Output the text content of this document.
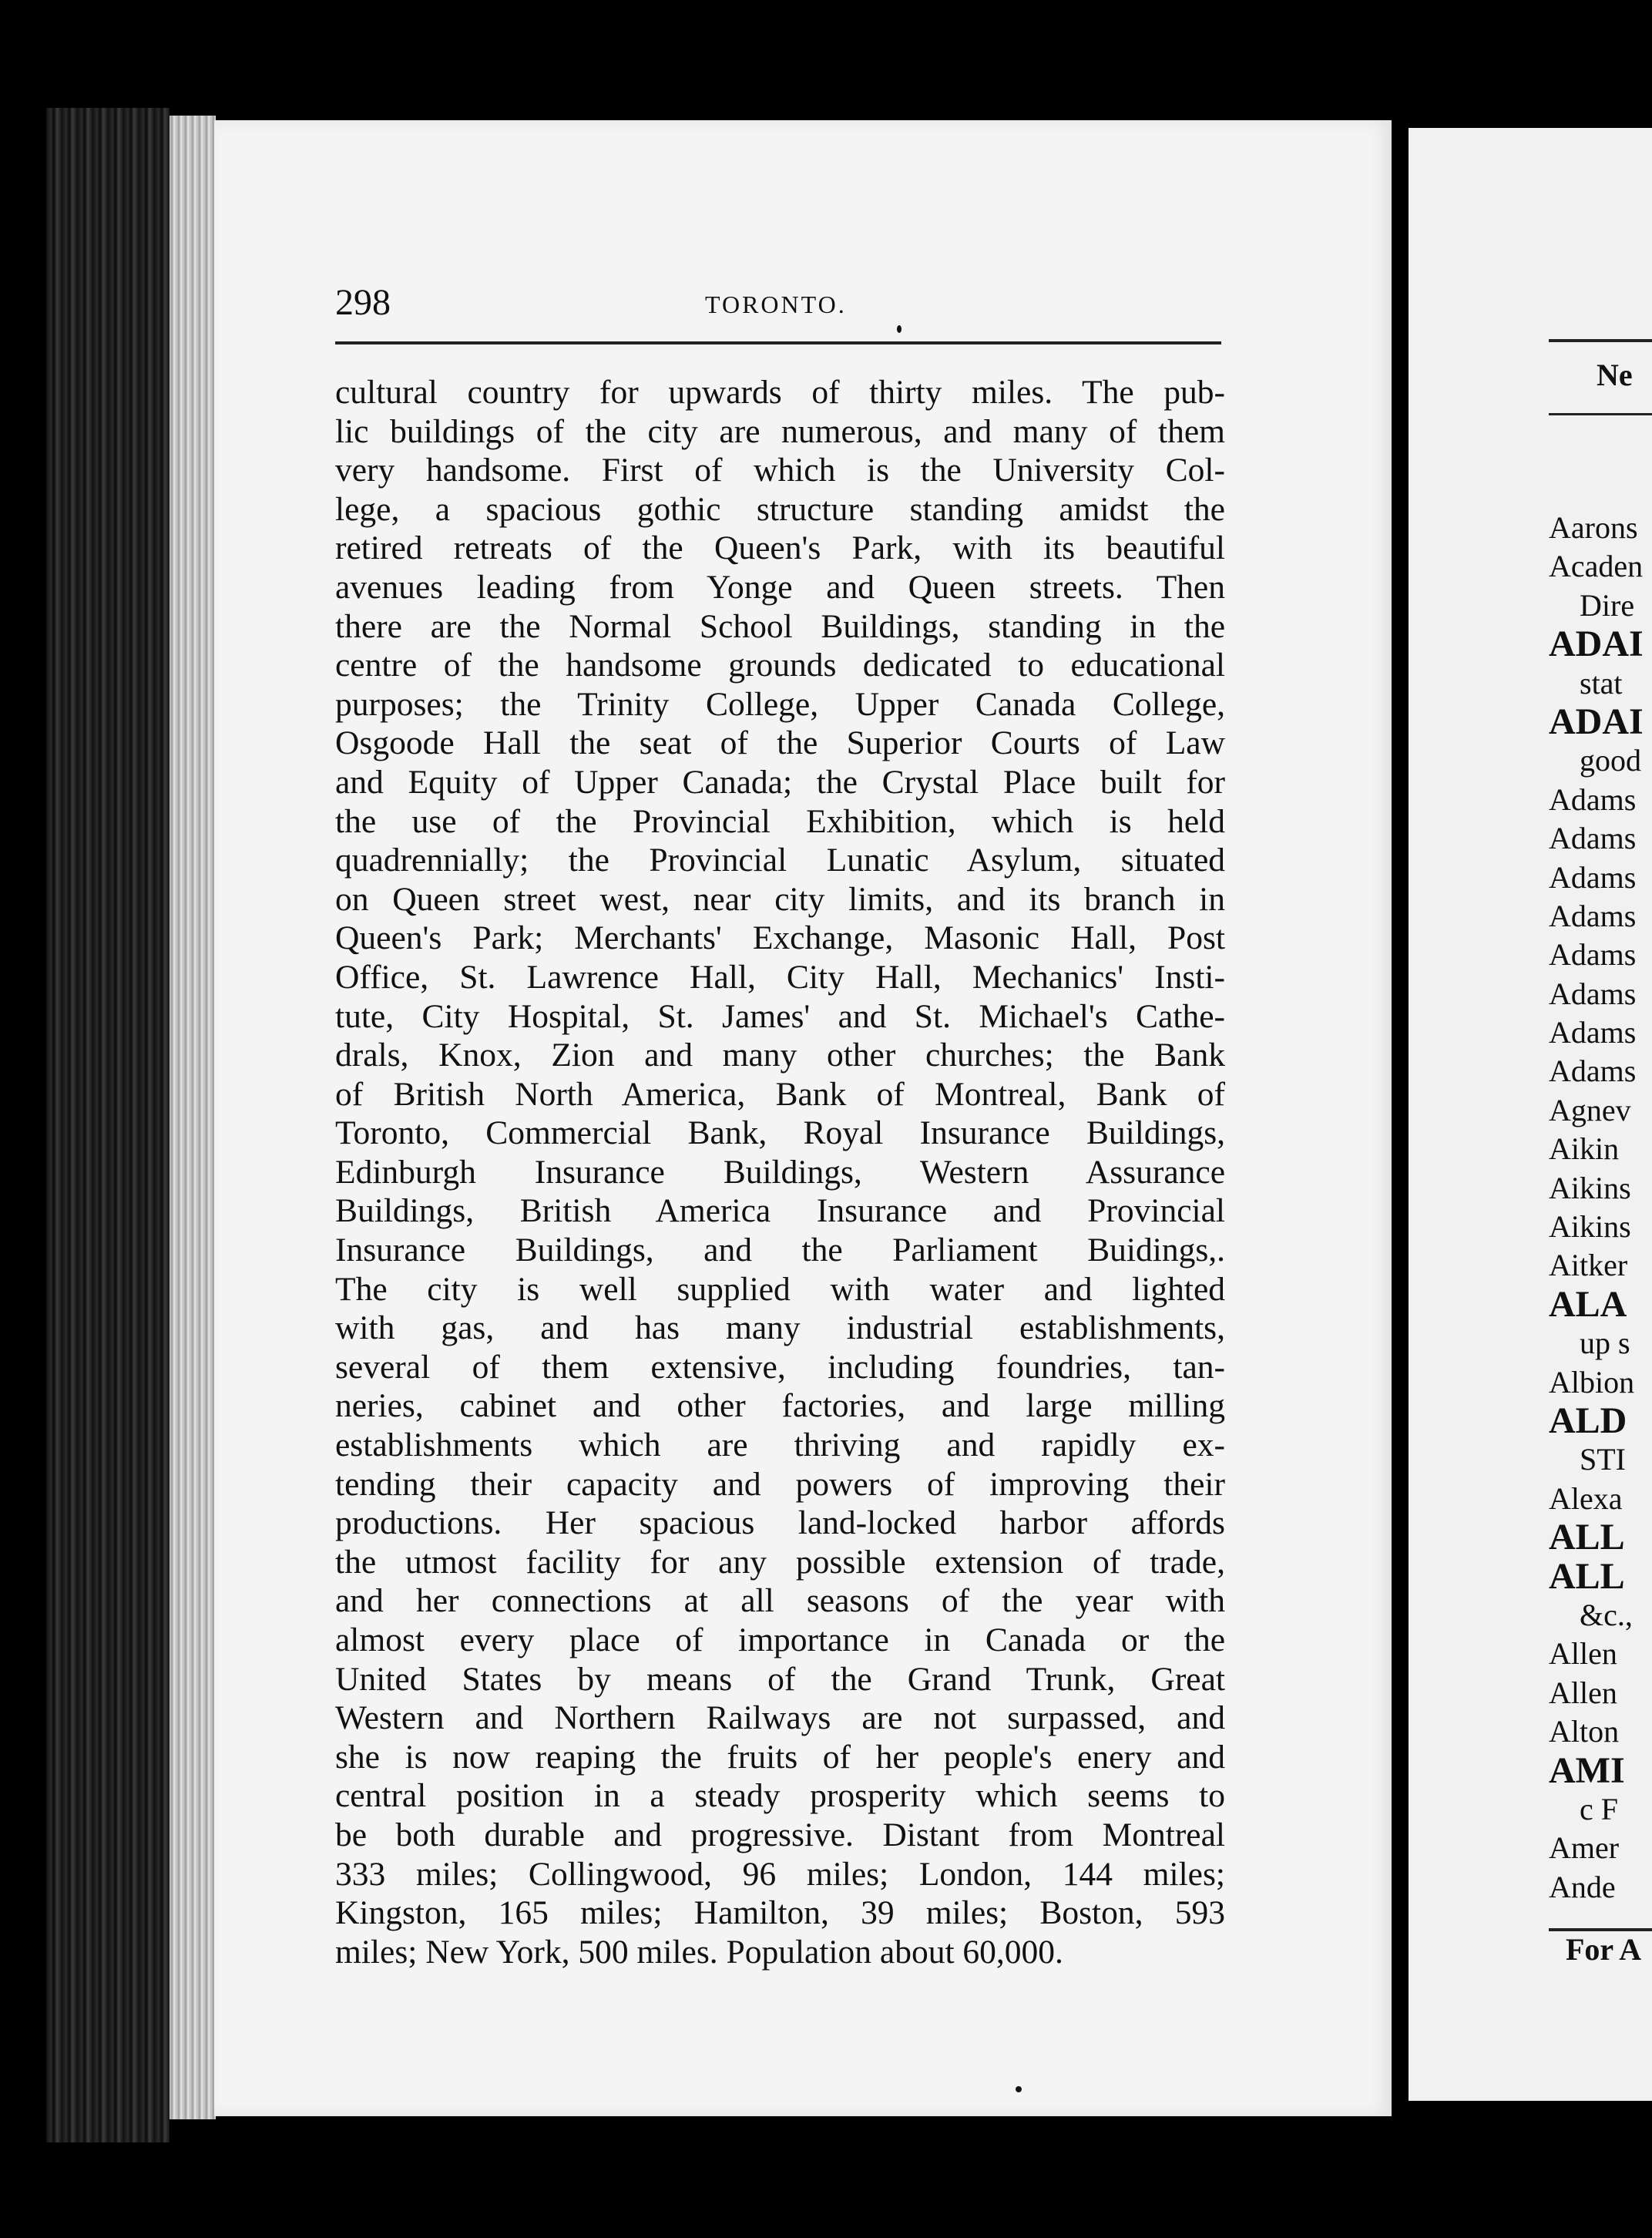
298	TORONTO.
cultural country for upwards of thirty miles. The pub-
lic buildings of the city are numerous, and many of them
very handsome. First of which is the University Col-
lege, a spacious gothic structure standing amidst the
retired retreats of the Queen's Park, with its beautiful
avenues leading from Yonge and Queen streets. Then
there are the Normal School Buildings, standing in the
centre of the handsome grounds dedicated to educational
purposes; the Trinity College, Upper Canada College,
Osgoode Hall the seat of the Superior Courts of Law
and Equity of Upper Canada; the Crystal Place built for
the use of the Provincial Exhibition, which is held
quadrennially; the Provincial Lunatic Asylum, situated
on Queen street west, near city limits, and its branch in
Queen's Park; Merchants' Exchange, Masonic Hall, Post
Office, St. Lawrence Hall, City Hall, Mechanics' Insti-
tute, City Hospital, St. James' and St. Michael's Cathe-
drals, Knox, Zion and many other churches; the Bank
of British North America, Bank of Montreal, Bank of
Toronto, Commercial Bank, Royal Insurance Buildings,
Edinburgh Insurance Buildings, Western Assurance
Buildings, British America Insurance and Provincial
Insurance Buildings, and the Parliament Buidings,.
The city is well supplied with water and lighted
with gas, and has many industrial establishments,
several of them extensive, including foundries, tan-
neries, cabinet and other factories, and large milling
establishments which are thriving and rapidly ex-
tending their capacity and powers of improving their
productions. Her spacious land-locked harbor affords
the utmost facility for any possible extension of trade,
and her connections at all seasons of the year with
almost every place of importance in Canada or the
United States by means of the Grand Trunk, Great
Western and Northern Railways are not surpassed, and
she is now reaping the fruits of her people's enery and
central position in a steady prosperity which seems to
be both durable and progressive. Distant from Montreal
333 miles; Collingwood, 96 miles; London, 144 miles;
Kingston, 165 miles; Hamilton, 39 miles; Boston, 593
miles; New York, 500 miles. Population about 60,000.
Ne
Aarons
Acaden
Dire
ADAI
stat
ADAI
good
Adams
Adams
Adams
Adams
Adams
Adams
Adams
Adams
Agnev
Aikin
Aikins
Aikins
Aitker
ALA
up s
Albion
ALD
STI
Alexa
ALL
ALL
&c.,
Allen
Allen
Alton
AMI
c F
Amer
Ande
For A
